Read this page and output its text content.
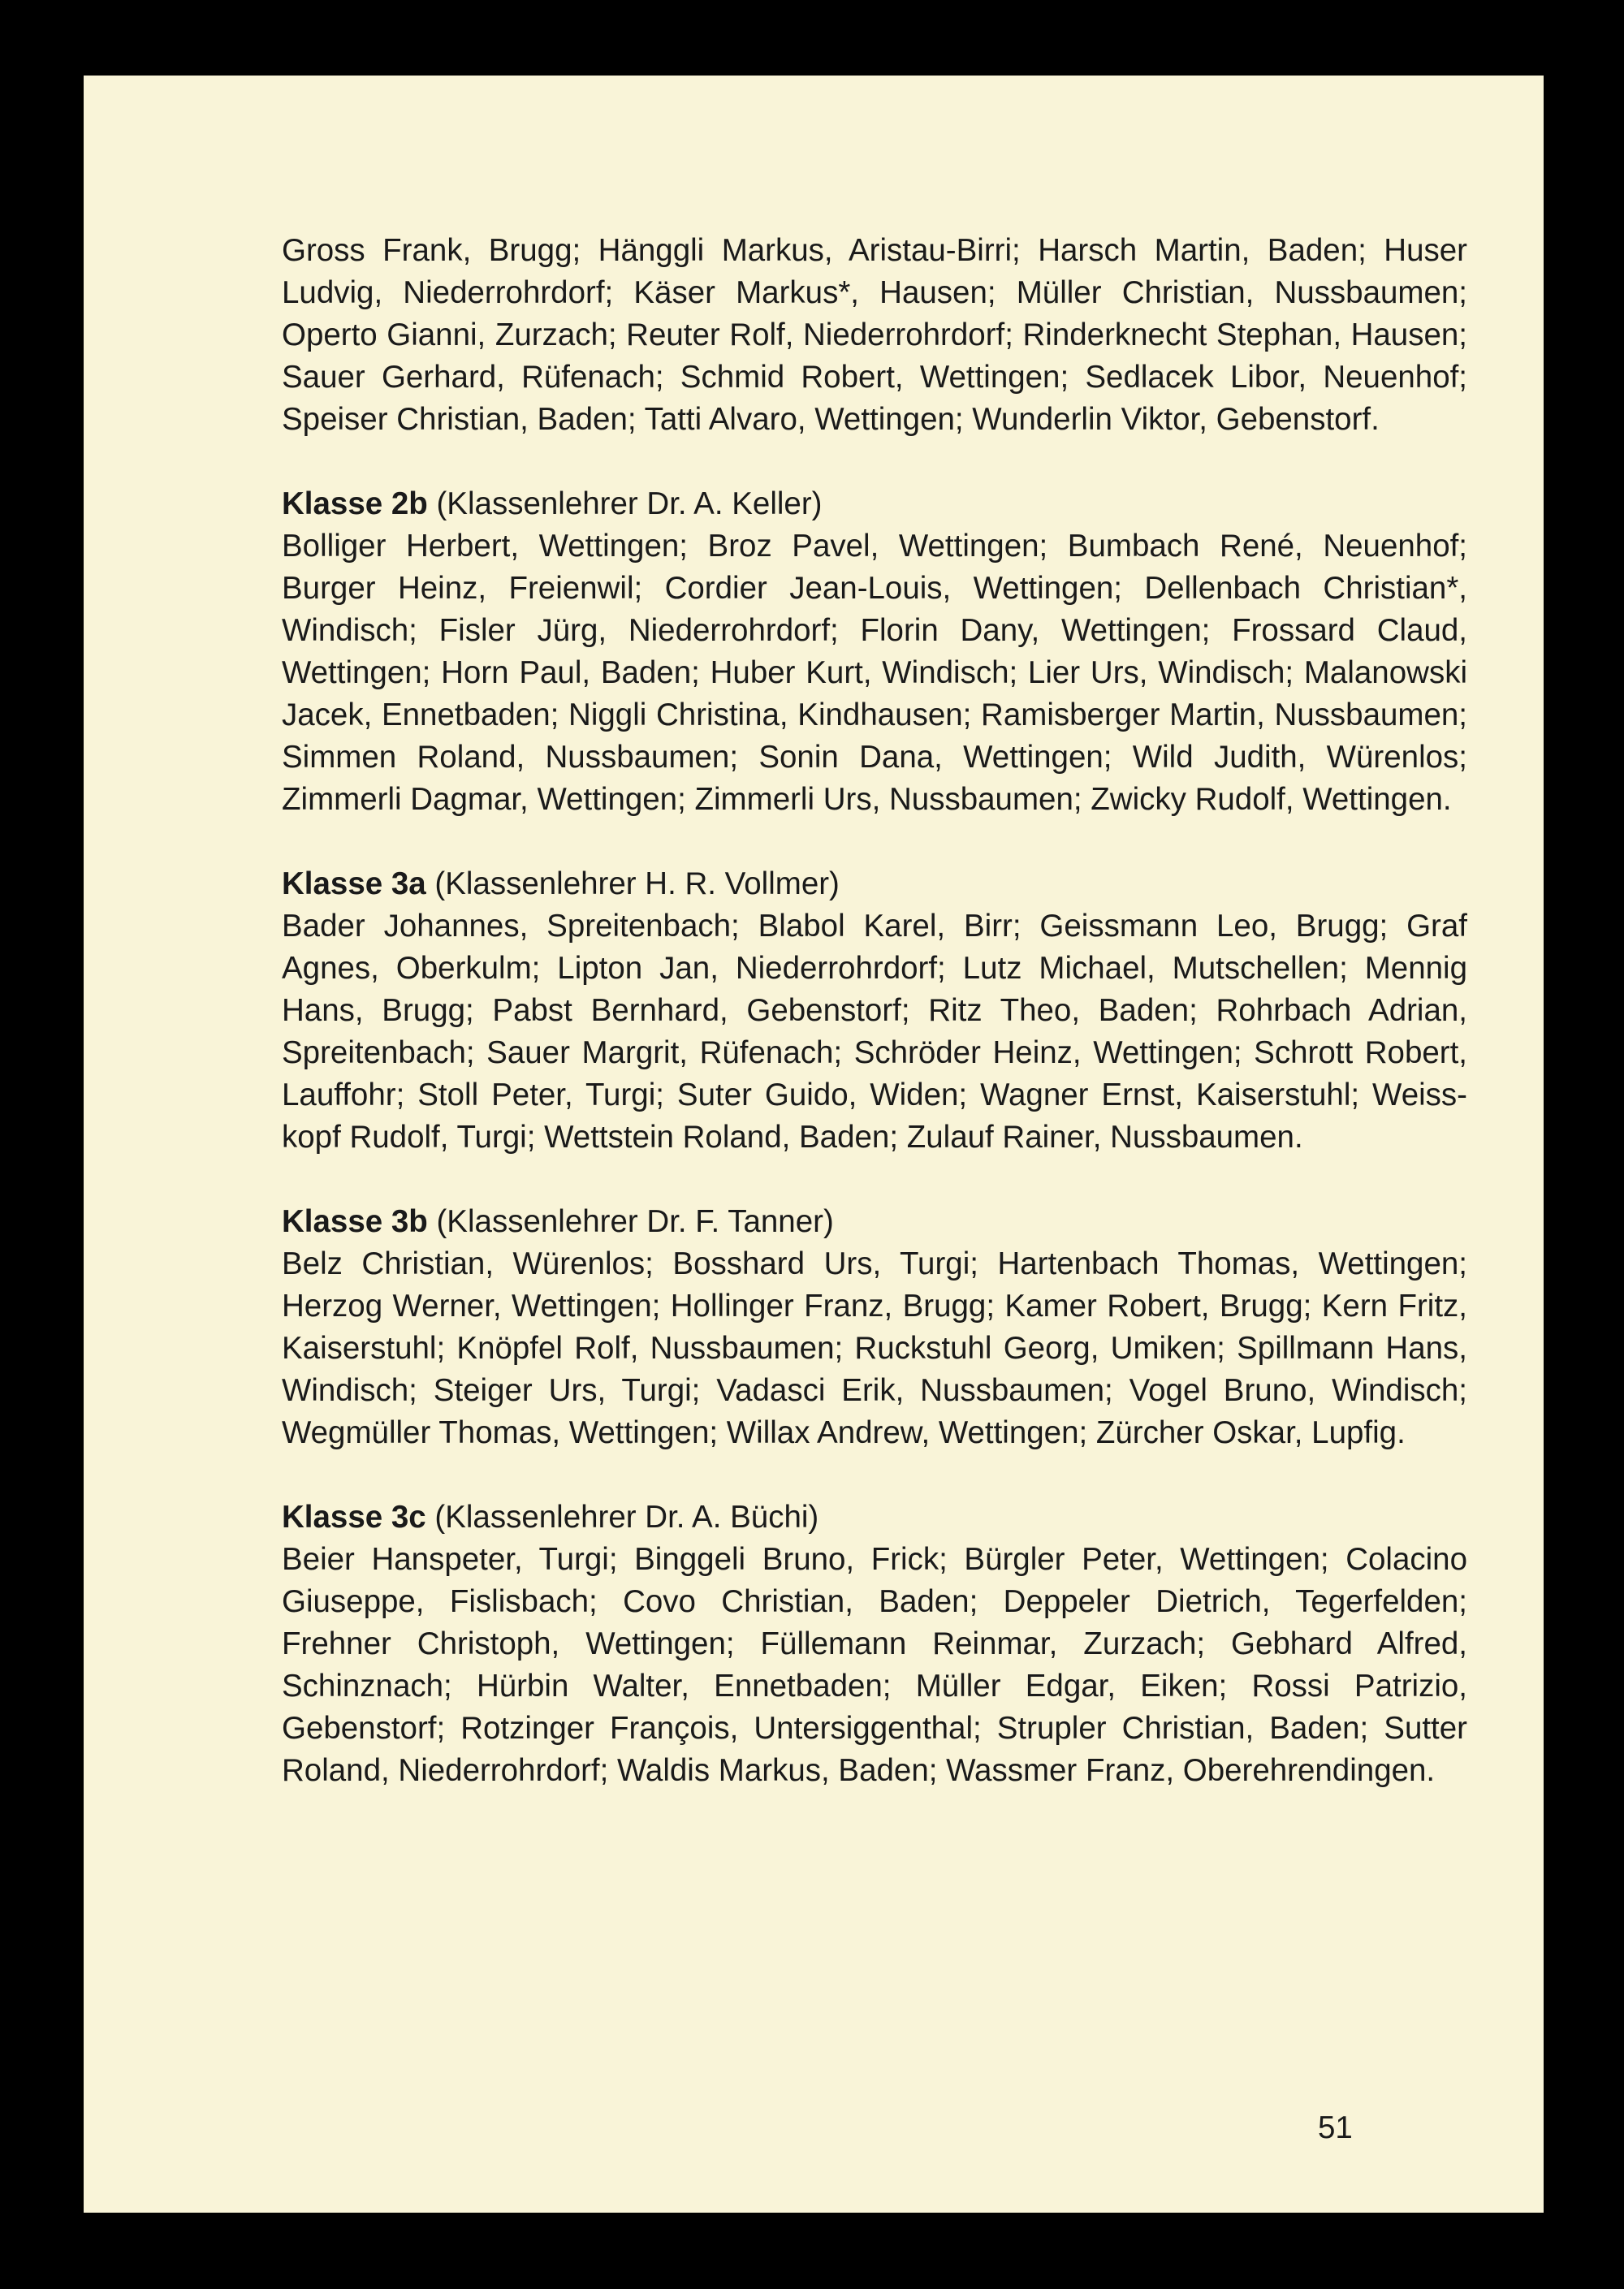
Gross Frank, Brugg; Hänggli Markus, Aristau-Birri; Harsch Martin, Baden; Huser Ludvig, Niederrohrdorf; Käser Markus*, Hausen; Müller Christian, Nussbaumen; Operto Gianni, Zurzach; Reuter Rolf, Niederrohrdorf; Rinderknecht Stephan, Hausen; Sauer Gerhard, Rüfenach; Schmid Robert, Wettingen; Sedlacek Libor, Neuenhof; Speiser Christian, Baden; Tatti Alvaro, Wettingen; Wunderlin Viktor, Gebenstorf.

Klasse 2b (Klassenlehrer Dr. A. Keller)

Bolliger Herbert, Wettingen; Broz Pavel, Wettingen; Bumbach René, Neuenhof; Burger Heinz, Freienwil; Cordier Jean-Louis, Wettingen; Dellenbach Christian*, Windisch; Fisler Jürg, Niederrohrdorf; Florin Dany, Wettingen; Frossard Claud, Wettingen; Horn Paul, Baden; Huber Kurt, Windisch; Lier Urs, Windisch; Malanowski Jacek, Ennetbaden; Niggli Christina, Kindhausen; Ramisberger Martin, Nussbaumen; Simmen Roland, Nussbaumen; Sonin Dana, Wettingen; Wild Judith, Würenlos; Zimmerli Dagmar, Wettingen; Zimmerli Urs, Nussbaumen; Zwicky Rudolf, Wettingen.

Klasse 3a (Klassenlehrer H. R. Vollmer)

Bader Johannes, Spreitenbach; Blabol Karel, Birr; Geissmann Leo, Brugg; Graf Agnes, Oberkulm; Lipton Jan, Niederrohrdorf; Lutz Michael, Mutschellen; Mennig Hans, Brugg; Pabst Bernhard, Gebenstorf; Ritz Theo, Baden; Rohrbach Adrian, Spreitenbach; Sauer Margrit, Rüfenach; Schröder Heinz, Wettingen; Schrott Robert, Lauffohr; Stoll Peter, Turgi; Suter Guido, Widen; Wagner Ernst, Kaiserstuhl; Weisskopf Rudolf, Turgi; Wettstein Roland, Baden; Zulauf Rainer, Nussbaumen.

Klasse 3b (Klassenlehrer Dr. F. Tanner)

Belz Christian, Würenlos; Bosshard Urs, Turgi; Hartenbach Thomas, Wettingen; Herzog Werner, Wettingen; Hollinger Franz, Brugg; Kamer Robert, Brugg; Kern Fritz, Kaiserstuhl; Knöpfel Rolf, Nussbaumen; Ruckstuhl Georg, Umiken; Spillmann Hans, Windisch; Steiger Urs, Turgi; Vadasci Erik, Nussbaumen; Vogel Bruno, Windisch; Wegmüller Thomas, Wettingen; Willax Andrew, Wettingen; Zürcher Oskar, Lupfig.

Klasse 3c (Klassenlehrer Dr. A. Büchi)

Beier Hanspeter, Turgi; Binggeli Bruno, Frick; Bürgler Peter, Wettingen; Colacino Giuseppe, Fislisbach; Covo Christian, Baden; Deppeler Dietrich, Tegerfelden; Frehner Christoph, Wettingen; Füllemann Reinmar, Zurzach; Gebhard Alfred, Schinznach; Hürbin Walter, Ennetbaden; Müller Edgar, Eiken; Rossi Patrizio, Gebenstorf; Rotzinger François, Untersiggenthal; Strupler Christian, Baden; Sutter Roland, Niederrohrdorf; Waldis Markus, Baden; Wassmer Franz, Oberehrendingen.

51
